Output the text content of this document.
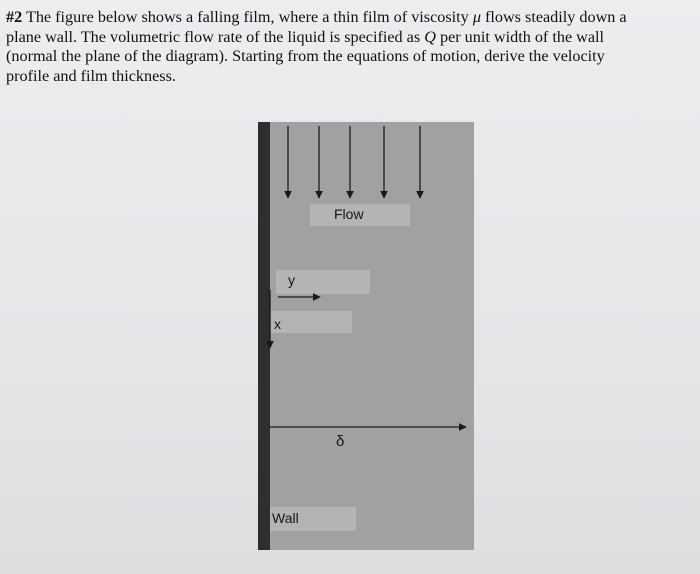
#2 The figure below shows a falling film, where a thin film of viscosity μ flows steadily down a
plane wall. The volumetric flow rate of the liquid is specified as Q per unit width of the wall
(normal the plane of the diagram). Starting from the equations of motion, derive the velocity
profile and film thickness.
Flow
y
x
δ
Wall
